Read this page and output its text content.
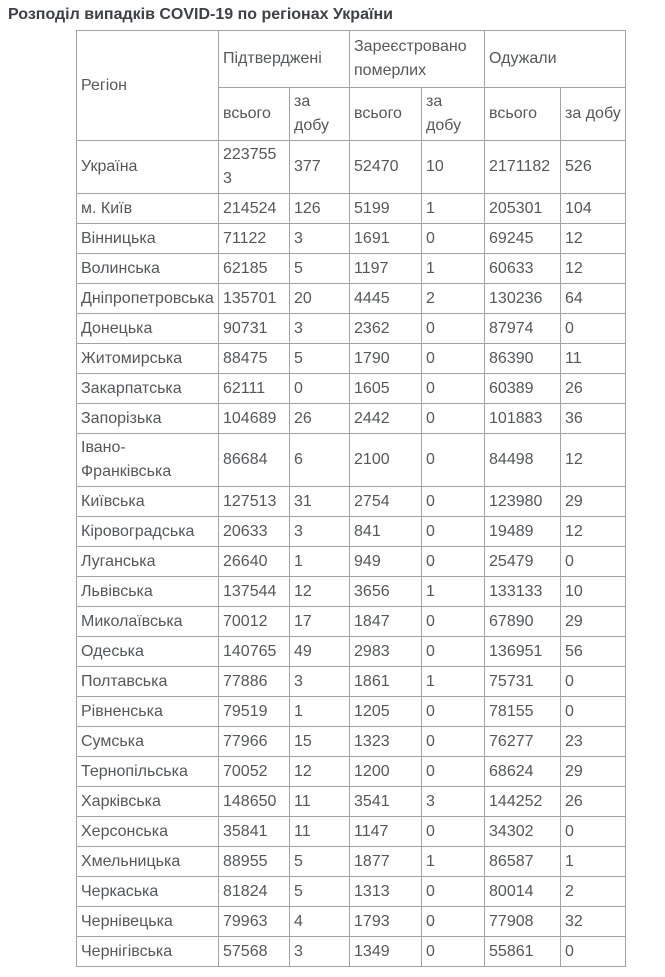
Розподіл випадків COVID-19 по регіонах України
Регіон	Підтверджені		Зареєстровано померлих		Одужали	
	всього	за добу	всього	за добу	всього	за добу
Україна	2237553	377	52470	10	2171182	526
м. Київ	214524	126	5199	1	205301	104
Вінницька	71122	3	1691	0	69245	12
Волинська	62185	5	1197	1	60633	12
Дніпропетровська	135701	20	4445	2	130236	64
Донецька	90731	3	2362	0	87974	0
Житомирська	88475	5	1790	0	86390	11
Закарпатська	62111	0	1605	0	60389	26
Запорізька	104689	26	2442	0	101883	36
Івано-Франківська	86684	6	2100	0	84498	12
Київська	127513	31	2754	0	123980	29
Кіровоградська	20633	3	841	0	19489	12
Луганська	26640	1	949	0	25479	0
Львівська	137544	12	3656	1	133133	10
Миколаївська	70012	17	1847	0	67890	29
Одеська	140765	49	2983	0	136951	56
Полтавська	77886	3	1861	1	75731	0
Рівненська	79519	1	1205	0	78155	0
Сумська	77966	15	1323	0	76277	23
Тернопільська	70052	12	1200	0	68624	29
Харківська	148650	11	3541	3	144252	26
Херсонська	35841	11	1147	0	34302	0
Хмельницька	88955	5	1877	1	86587	1
Черкаська	81824	5	1313	0	80014	2
Чернівецька	79963	4	1793	0	77908	32
Чернігівська	57568	3	1349	0	55861	0
